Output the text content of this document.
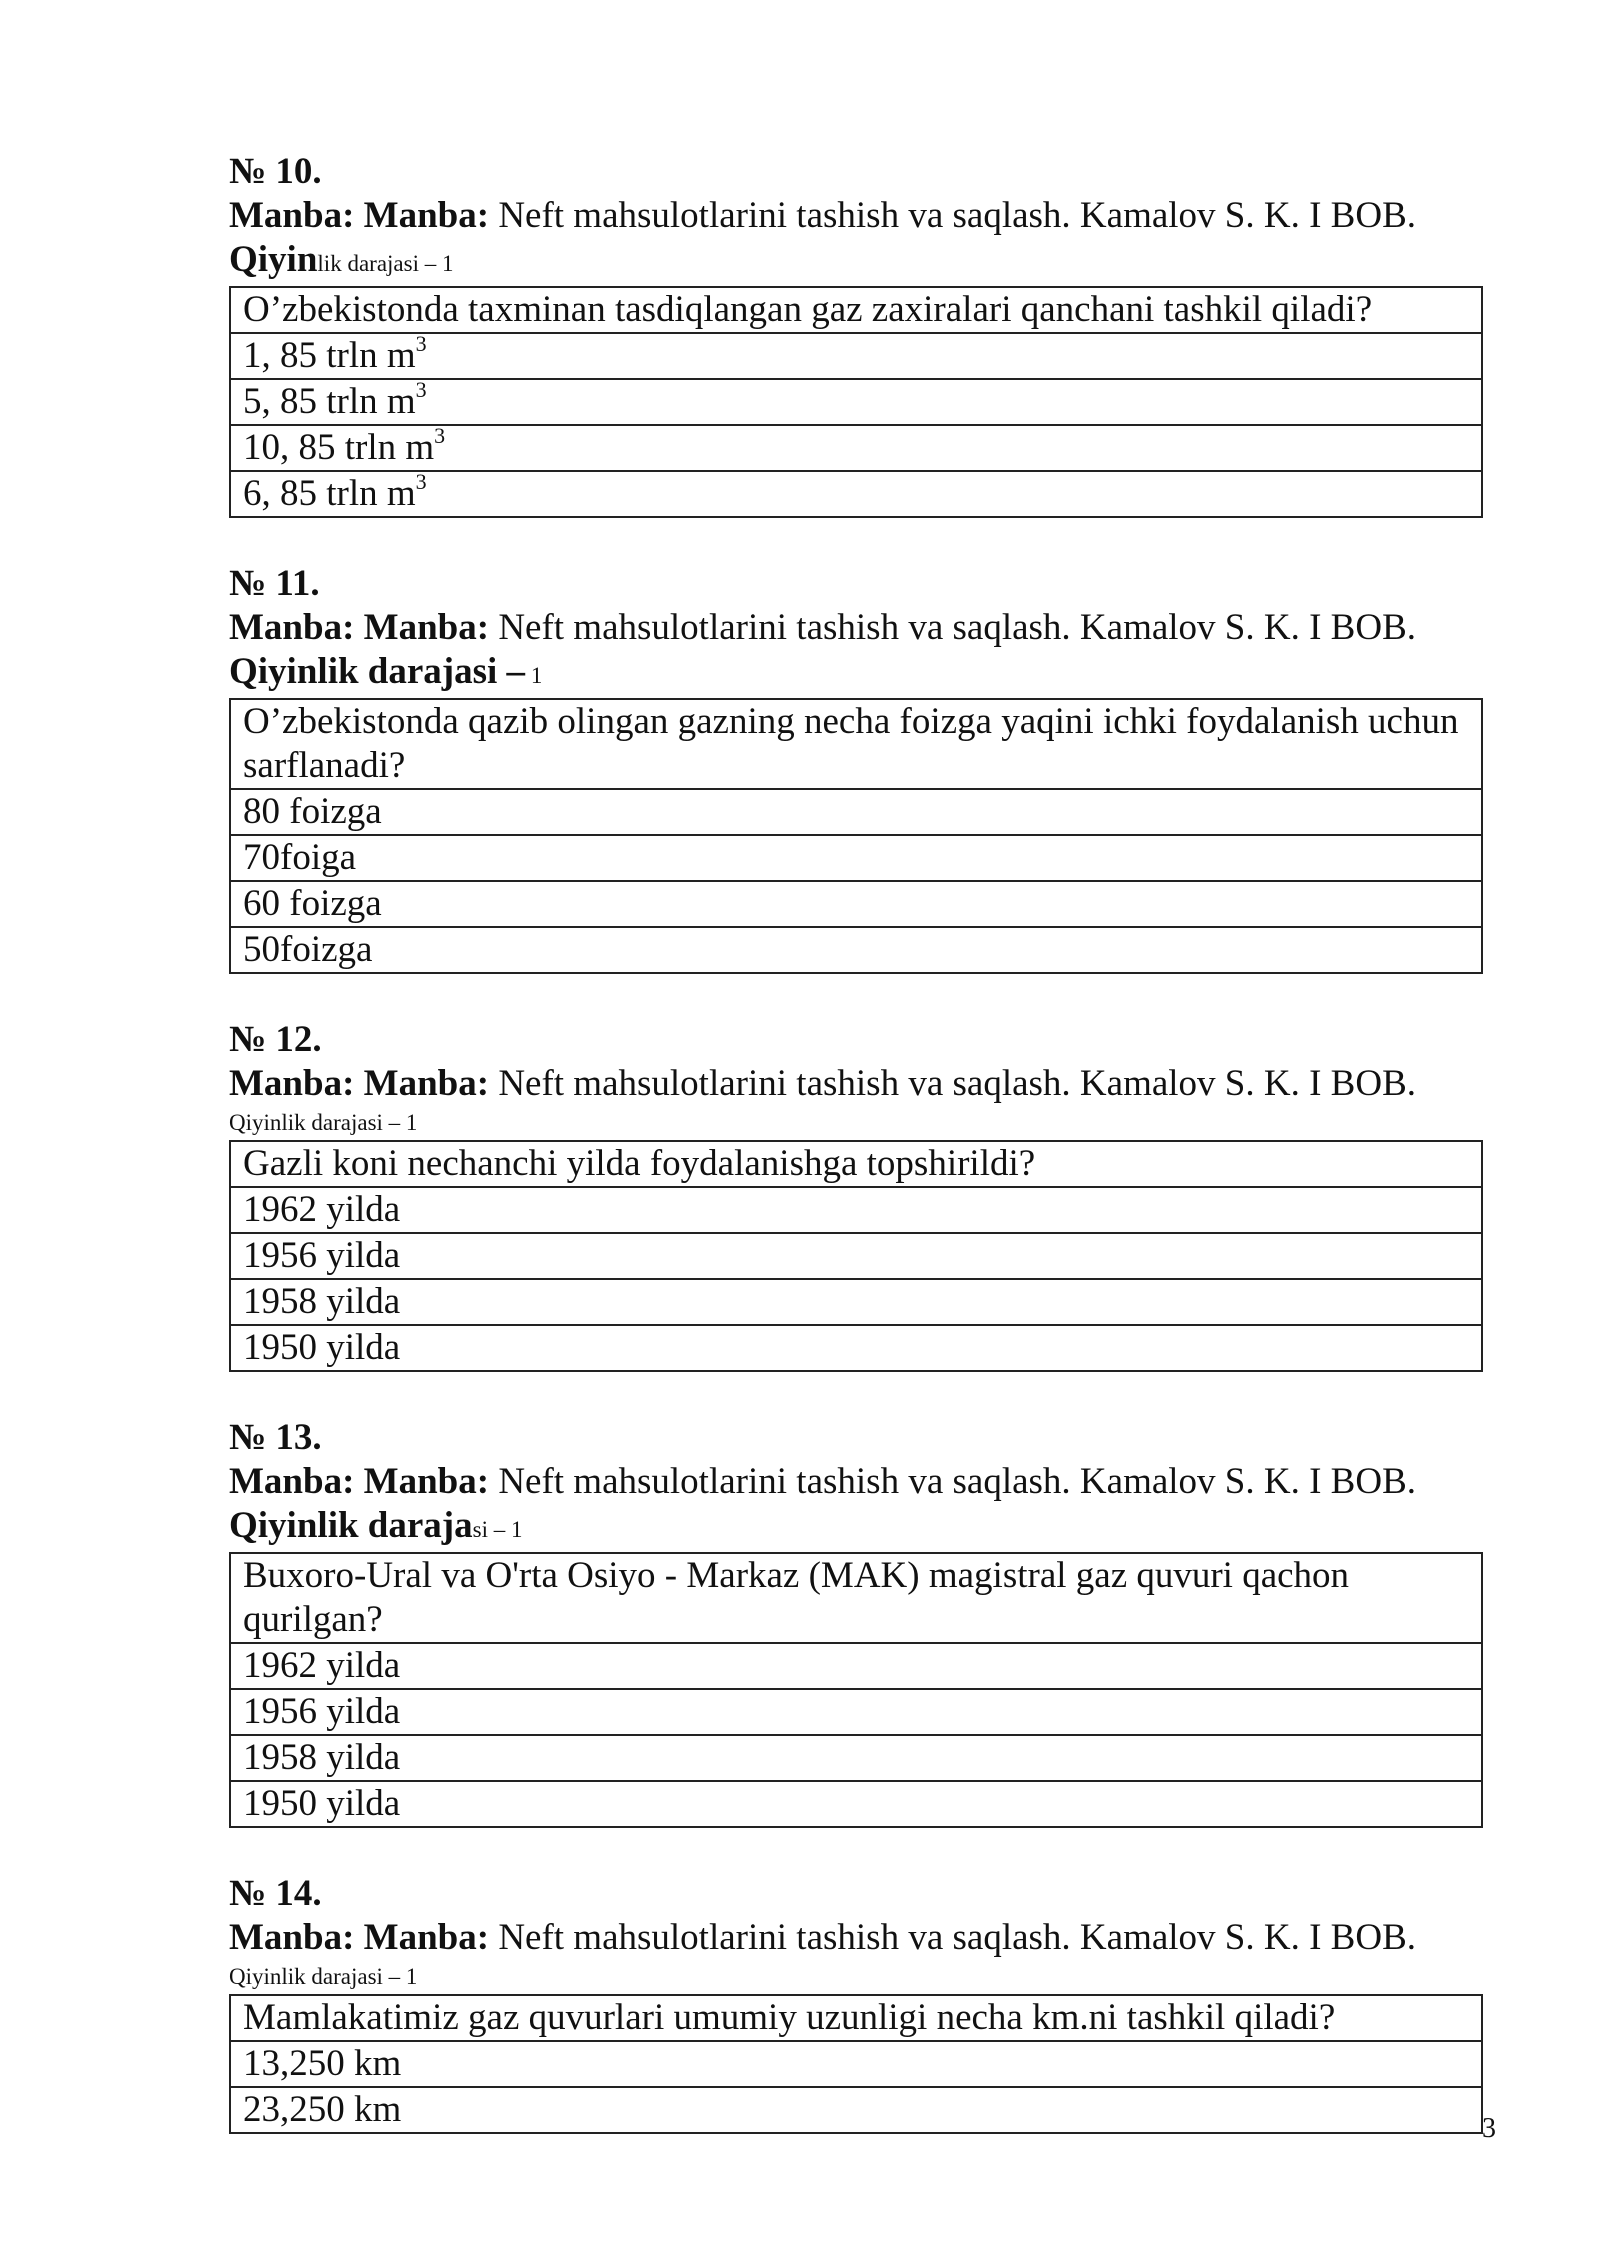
№ 10.
Manba: Manba: Neft mahsulotlarini tashish va saqlash. Kamalov S. K. I BOB.
Qiyinlik darajasi – 1
O’zbekistonda taxminan tasdiqlangan gaz zaxiralari qanchani tashkil qiladi?
1, 85 trln $m^3$
5, 85 trln $m^3$
10, 85 trln $m^3$
6, 85 trln $m^3$
№ 11.
Manba: Manba: Neft mahsulotlarini tashish va saqlash. Kamalov S. K. I BOB.
Qiyinlik darajasi – 1
O’zbekistonda qazib olingan gazning necha foizga yaqini ichki foydalanish uchun sarflanadi?
80 foizga
70foiga
60 foizga
50foizga
№ 12.
Manba: Manba: Neft mahsulotlarini tashish va saqlash. Kamalov S. K. I BOB.
Qiyinlik darajasi – 1
Gazli koni nechanchi yilda foydalanishga topshirildi?
1962 yilda
1956 yilda
1958 yilda
1950 yilda
№ 13.
Manba: Manba: Neft mahsulotlarini tashish va saqlash. Kamalov S. K. I BOB.
Qiyinlik darajasi – 1
Buxoro-Ural va O'rta Osiyo - Markaz (MAK) magistral gaz quvuri qachon qurilgan?
1962 yilda
1956 yilda
1958 yilda
1950 yilda
№ 14.
Manba: Manba: Neft mahsulotlarini tashish va saqlash. Kamalov S. K. I BOB.
Qiyinlik darajasi – 1
Mamlakatimiz gaz quvurlari umumiy uzunligi necha km.ni tashkil qiladi?
13,250 km
23,250 km	3
